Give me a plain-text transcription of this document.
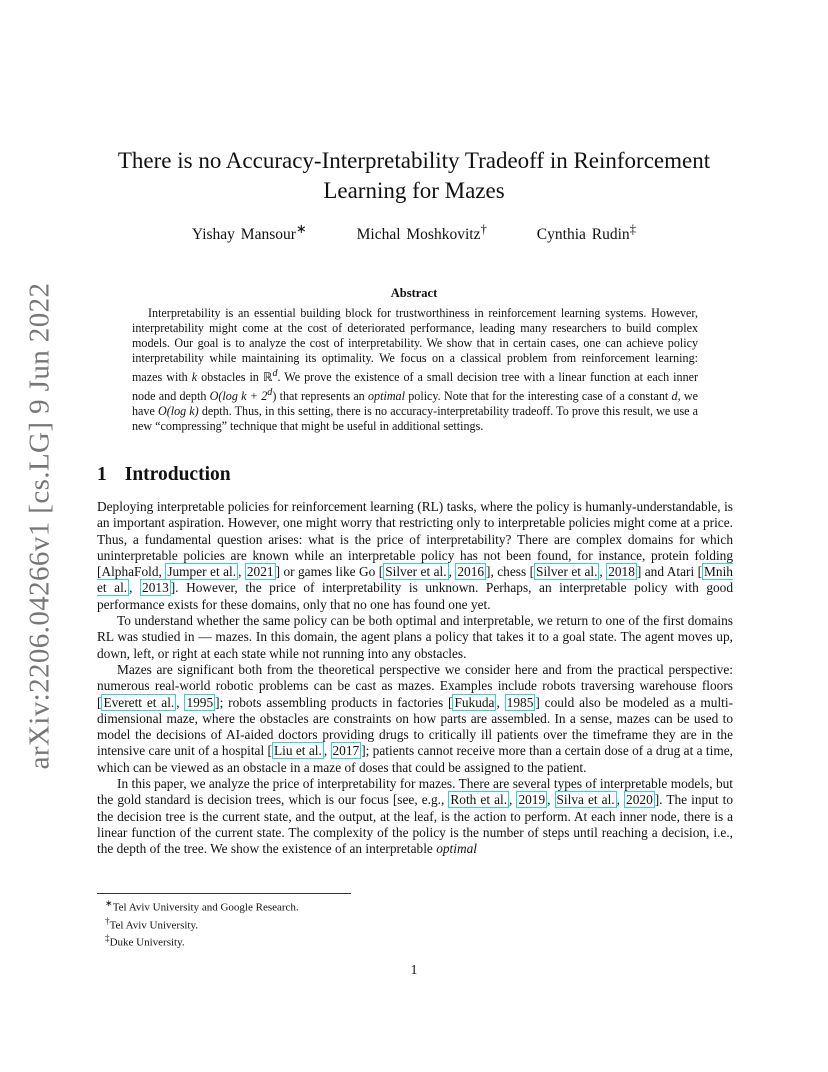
arXiv:2206.04266v1 [cs.LG] 9 Jun 2022
There is no Accuracy-Interpretability Tradeoff in Reinforcement Learning for Mazes
Yishay Mansour∗	Michal Moshkovitz†	Cynthia Rudin‡
Abstract

Interpretability is an essential building block for trustworthiness in reinforcement learning systems. However, interpretability might come at the cost of deteriorated performance, leading many researchers to build complex models. Our goal is to analyze the cost of interpretability. We show that in certain cases, one can achieve policy interpretability while maintaining its optimality. We focus on a classical problem from reinforcement learning: mazes with k obstacles in ℝ$^d$. We prove the existence of a small decision tree with a linear function at each inner node and depth O(log $k + 2^d$) that represents an optimal policy. Note that for the interesting case of a constant d, we have O(log k) depth. Thus, in this setting, there is no accuracy-interpretability tradeoff. To prove this result, we use a new “compressing” technique that might be useful in additional settings.

1 Introduction

Deploying interpretable policies for reinforcement learning (RL) tasks, where the policy is humanly-understandable, is an important aspiration. However, one might worry that restricting only to interpretable policies might come at a price. Thus, a fundamental question arises: what is the price of interpretability? There are complex domains for which uninterpretable policies are known while an interpretable policy has not been found, for instance, protein folding [AlphaFold, Jumper et al. , 2021 ] or games like Go [ Silver et al. , 2016 ], chess [ Silver et al. , 2018 ] and Atari [ Mnih et al. , 2013 ]. However, the price of interpretability is unknown. Perhaps, an interpretable policy with good performance exists for these domains, only that no one has found one yet.

To understand whether the same policy can be both optimal and interpretable, we return to one of the first domains RL was studied in — mazes. In this domain, the agent plans a policy that takes it to a goal state. The agent moves up, down, left, or right at each state while not running into any obstacles.

Mazes are significant both from the theoretical perspective we consider here and from the practical perspective: numerous real-world robotic problems can be cast as mazes. Examples include robots traversing warehouse floors [ Everett et al. , 1995 ]; robots assembling products in factories [ Fukuda , 1985 ] could also be modeled as a multi-dimensional maze, where the obstacles are constraints on how parts are assembled. In a sense, mazes can be used to model the decisions of AI-aided doctors providing drugs to critically ill patients over the timeframe they are in the intensive care unit of a hospital [ Liu et al. , 2017 ]; patients cannot receive more than a certain dose of a drug at a time, which can be viewed as an obstacle in a maze of doses that could be assigned to the patient.

In this paper, we analyze the price of interpretability for mazes. There are several types of interpretable models, but the gold standard is decision trees, which is our focus [see, e.g., Roth et al. , 2019 , Silva et al. , 2020 ]. The input to the decision tree is the current state, and the output, at the leaf, is the action to perform. At each inner node, there is a linear function of the current state. The complexity of the policy is the number of steps until reaching a decision, i.e., the depth of the tree. We show the existence of an interpretable optimal

∗Tel Aviv University and Google Research.
†Tel Aviv University.
‡Duke University.
1
